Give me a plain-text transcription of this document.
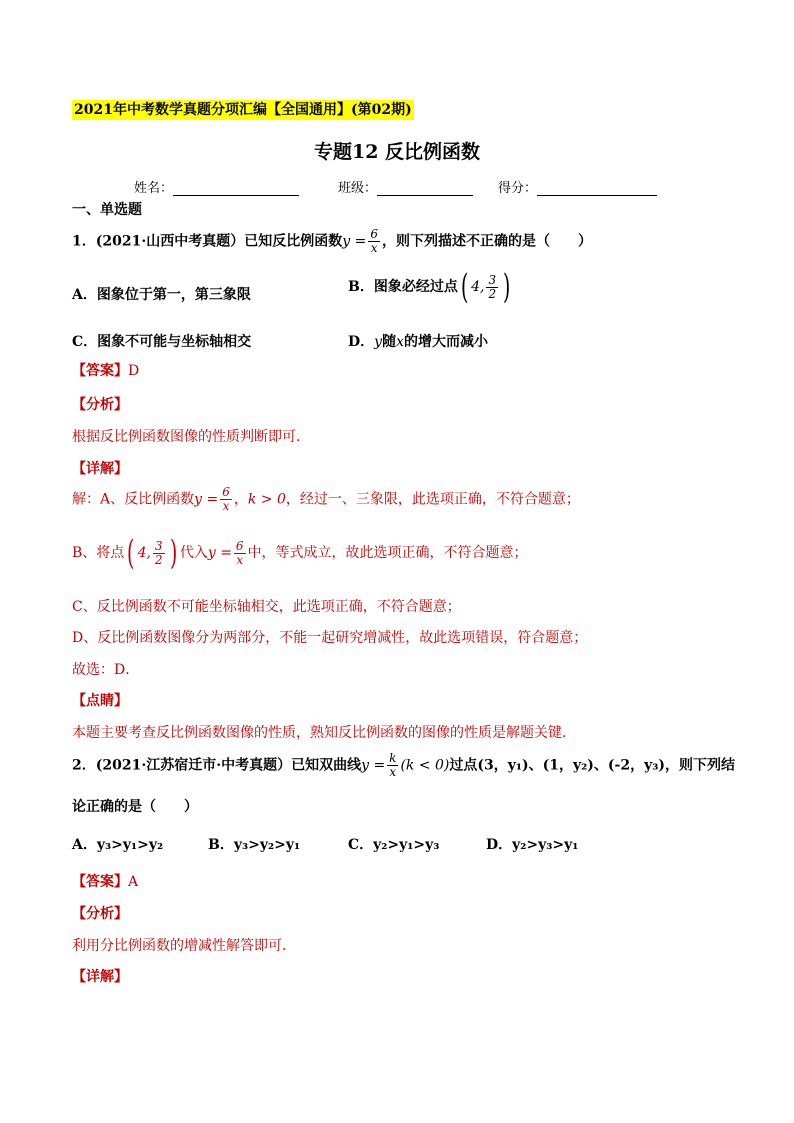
2021年中考数学真题分项汇编【全国通用】(第02期)
专题12 反比例函数
姓名：	班级：	得分：
一、单选题
1．(2021·山西中考真题）已知反比例函数$y = \frac{6}{x}$ ，则下列描述不正确的是（　　）
A．图象位于第一，第三象限	B．图象必经过点 ( 4, $\frac{3}{2}$ )
C．图象不可能与坐标轴相交	D．y随x的增大而减小
【答案】D
【分析】
根据反比例函数图像的性质判断即可．
【详解】
解：A、反比例函数$y = \frac{6}{x}$ ，k > 0，经过一、三象限，此选项正确，不符合题意；
B、将点 ( 4, $\frac{3}{2}$ ) 代入$y = \frac{6}{x}$ 中，等式成立，故此选项正确，不符合题意；
C、反比例函数不可能坐标轴相交，此选项正确，不符合题意；
D、反比例函数图像分为两部分，不能一起研究增减性，故此选项错误，符合题意；
故选：D．
【点睛】
本题主要考查反比例函数图像的性质，熟知反比例函数的图像的性质是解题关键．
2．(2021·江苏宿迁市·中考真题）已知双曲线$y = \frac{k}{x} (k < 0)$过点(3，y₁)、(1，y₂)、(-2，y₃)，则下列结
论正确的是（　　）
A．y₃>y₁>y₂	B．y₃>y₂>y₁	C．y₂>y₁>y₃	D．y₂>y₃>y₁
【答案】A
【分析】
利用分比例函数的增减性解答即可．
【详解】
